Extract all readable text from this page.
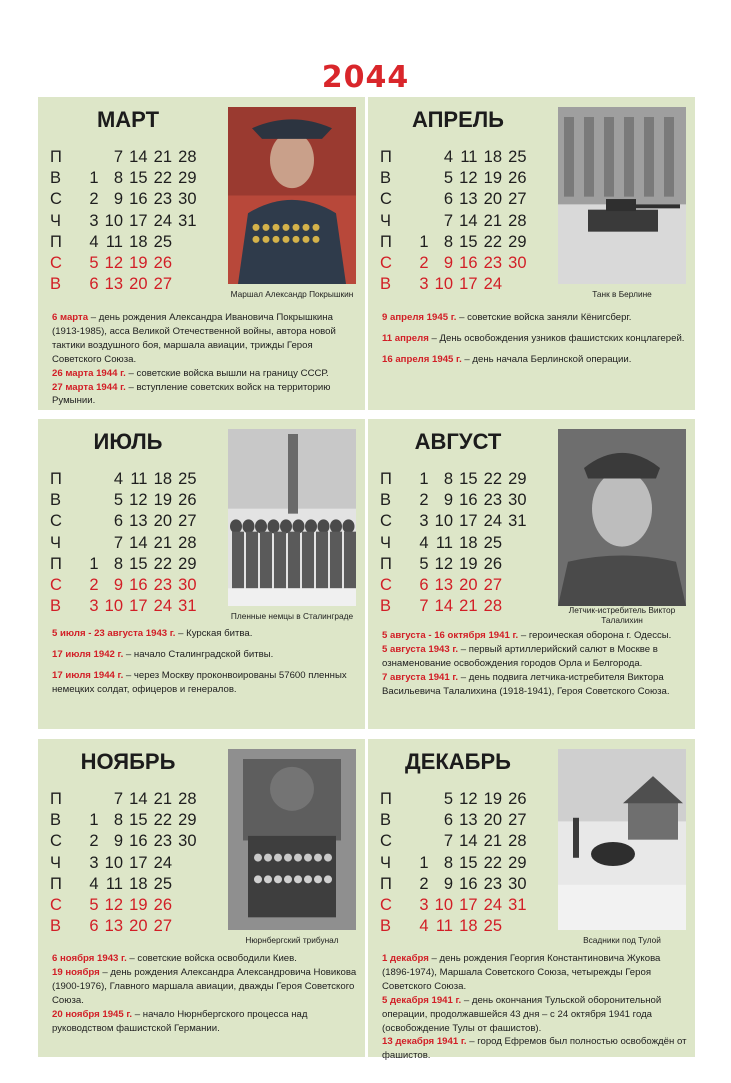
2044
МАРТ
П	7 14 21 28
В	1 8 15 22 29
С	2 9 16 23 30
Ч	3 10 17 24 31
П	4 11 18 25
С	5 12 19 26
В	6 13 20 27
Маршал Александр Покрышкин

6 марта – день рождения Александра Ивановича Покрышкина (1913-1985), асса Великой Отечественной войны, автора новой тактики воздушного боя, маршала авиации, трижды Героя Советского Союза.

26 марта 1944 г. – советские войска вышли на границу СССР.

27 марта 1944 г. – вступление советских войск на территорию Румынии.

АПРЕЛЬ
П	4 11 18 25
В	5 12 19 26
С	6 13 20 27
Ч	7 14 21 28
П	1 8 15 22 29
С	2 9 16 23 30
В	3 10 17 24
Танк в Берлине

9 апреля 1945 г. – советские войска заняли Кёнигсберг.

11 апреля – День освобождения узников фашистских концлагерей.

16 апреля 1945 г. – день начала Берлинской операции.

ИЮЛЬ
П	4 11 18 25
В	5 12 19 26
С	6 13 20 27
Ч	7 14 21 28
П	1 8 15 22 29
С	2 9 16 23 30
В	3 10 17 24 31
Пленные немцы в Сталинграде

5 июля - 23 августа 1943 г. – Курская битва.

17 июля 1942 г. – начало Сталинградской битвы.

17 июля 1944 г. – через Москву проконвоированы 57600 пленных немецких солдат, офицеров и генералов.

АВГУСТ
П	1 8 15 22 29
В	2 9 16 23 30
С	3 10 17 24 31
Ч	4 11 18 25
П	5 12 19 26
С	6 13 20 27
В	7 14 21 28	Летчик-истребитель Виктор Талалихин

5 августа - 16 октября 1941 г. – героическая оборона г. Одессы.

5 августа 1943 г. – первый артиллерийский салют в Москве в ознаменование освобождения городов Орла и Белгорода.

7 августа 1941 г. – день подвига летчика-истребителя Виктора Васильевича Талалихина (1918-1941), Героя Советского Союза.

НОЯБРЬ
П	7 14 21 28
В	1 8 15 22 29
С	2 9 16 23 30
Ч	3 10 17 24
П	4 11 18 25
С	5 12 19 26
В	6 13 20 27
Нюрнбергский трибунал

6 ноября 1943 г. – советские войска освободили Киев.

19 ноября – день рождения Александра Александровича Новикова (1900-1976), Главного маршала авиации, дважды Героя Советского Союза.

20 ноября 1945 г. – начало Нюрнбергского процесса над руководством фашистской Германии.

ДЕКАБРЬ
П	5 12 19 26
В	6 13 20 27
С	7 14 21 28
Ч	1 8 15 22 29
П	2 9 16 23 30
С	3 10 17 24 31
В	4 11 18 25
Всадники под Тулой

1 декабря – день рождения Георгия Константиновича Жукова (1896-1974), Маршала Советского Союза, четырежды Героя Советского Союза.

5 декабря 1941 г. – день окончания Тульской оборонительной операции, продолжавшейся 43 дня – с 24 октября 1941 года (освобождение Тулы от фашистов).

13 декабря 1941 г. – город Ефремов был полностью освобождён от фашистов.
